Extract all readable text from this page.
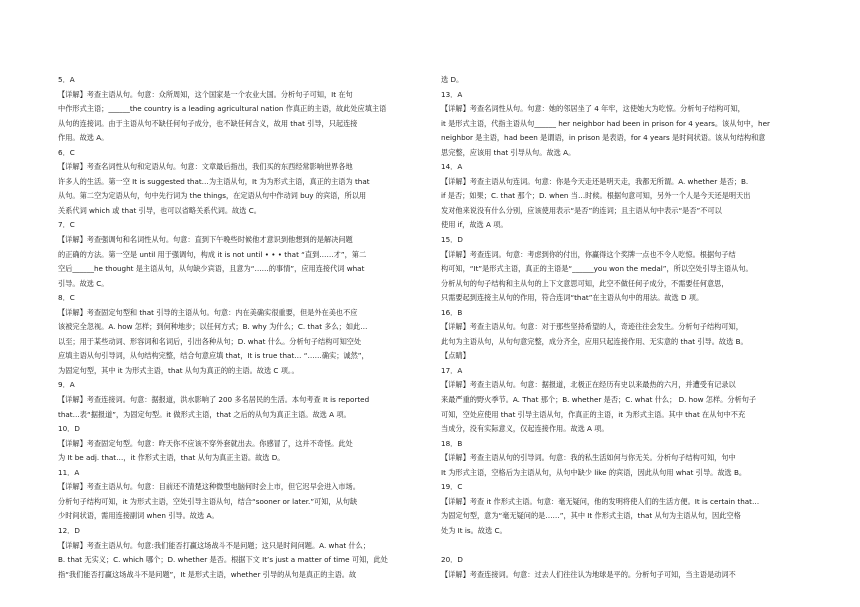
5．A
【详解】考查主语从句。句意：众所周知，这个国家是一个农业大国。分析句子可知，It 在句
中作形式主语；______the country is a leading agricultural nation 作真正的主语，故此处应填主语
从句的连接词。由于主语从句不缺任何句子成分，也不缺任何含义，故用 that 引导，只起连接
作用。故选 A。
6．C
【详解】考查名词性从句和定语从句。句意：文章最后指出，我们买的东西经常影响世界各地
许多人的生活。第一空 It is suggested that…为主语从句，It 为为形式主语，真正的主语为 that
从句。第二空为定语从句，句中先行词为 the things，在定语从句中作动词 buy 的宾语，所以用
关系代词 which 或 that 引导，也可以省略关系代词。故选 C。
7．C
【详解】考查强调句和名词性从句。句意：直到下午晚些时候他才意识到他想到的是解决问题
的正确的方法。第一空是 until 用于强调句，构成 it is not until • • • that “直到……才”，第二
空后______he thought 是主语从句，从句缺少宾语，且意为“……的事情”，应用连接代词 what
引导。故选 C。
8．C
【详解】考查固定句型和 that 引导的主语从句。句意：内在美确实很重要，但是外在美也不应
该被完全忽视。A. how 怎样；到何种地步；以任何方式；B. why 为什么；C. that 多么；如此…
以至；用于某些动词、形容词和名词后，引出各种从句；D. what 什么。分析句子结构可知空处
应填主语从句引导词，从句结构完整，结合句意应填 that，It is true that… “……确实；诚然”，
为固定句型，其中 it 为形式主语，that 从句为真正的的主语。故选 C 项。。
9．A
【详解】考查连接词。句意：据报道，洪水影响了 200 多名居民的生活。本句考查 It is reported
that…表“据报道”，为固定句型。it 做形式主语，that 之后的从句为真正主语。故选 A 项。
10．D
【详解】考查固定句型。句意：昨天你不应该不穿外套就出去。你感冒了，这并不奇怪。此处
为 It be adj. that…，it 作形式主语，that 从句为真正主语。故选 D。
11．A
【详解】考查主语从句。句意：目前还不清楚这种微型电脑何时会上市，但它迟早会进入市场。
分析句子结构可知，it 为形式主语，空处引导主语从句，结合“sooner or later.”可知，从句缺
少时间状语，需用连接副词 when 引导。故选 A。
12．D
【详解】考查主语从句。句意:我们能否打赢这场战斗不是问题；这只是时间问题。A. what 什么；
B. that 无实义；C. which 哪个；D. whether 是否。根据下文 It’s just a matter of time 可知，此处
指“我们能否打赢这场战斗不是问题”，It 是形式主语，whether 引导的从句是真正的主语。故
选 D。
13．A
【详解】考查名词性从句。句意：她的邻居坐了 4 年牢，这使她大为吃惊。分析句子结构可知，
it 是形式主语，代指主语从句______ her neighbor had been in prison for 4 years。该从句中，her
neighbor 是主语，had been 是谓语，in prison 是表语，for 4 years 是时间状语。该从句结构和意
思完整，应该用 that 引导从句。故选 A。
14．A
【详解】考查主语从句连词。句意：你是今天走还是明天走，我都无所谓。A. whether 是否；B.
if 是否；如果；C. that 那个；D. when 当…时候。根据句意可知，另外一个人是今天还是明天出
发对他来说没有什么分别，应该使用表示“是否”的连词；且主语从句中表示“是否”不可以
使用 if，故选 A 项。
15．D
【详解】考查连词。句意：考虑到你的付出，你赢得这个奖牌一点也不令人吃惊。根据句子结
构可知，“It”是形式主语，真正的主语是“______you won the medal”，所以空处引导主语从句。
分析从句的句子结构和主从句的上下文意思可知，此空不做任何子成分，不需要任何意思，
只需要起到连接主从句的作用，符合连词“that”在主语从句中的用法。故选 D 项。
16．B
【详解】考查主语从句。句意：对于那些坚持希望的人，奇迹往往会发生。分析句子结构可知，
此句为主语从句，从句句意完整，成分齐全，应用只起连接作用、无实意的 that 引导。故选 B。
【点睛】
17．A
【详解】考查主语从句。句意：据报道，北极正在经历有史以来最热的六月，并遭受有记录以
来最严重的野火季节。A. That 那个；B. whether 是否；C. what 什么； D. how 怎样。分析句子
可知，空处应使用 that 引导主语从句，作真正的主语，it 为形式主语。其中 that 在从句中不充
当成分，没有实际意义，仅起连接作用。故选 A 项。
18．B
【详解】考查主语从句的引导词。句意：我的私生活如何与你无关。分析句子结构可知，句中
It 为形式主语，空格后为主语从句，从句中缺少 like 的宾语，因此从句用 what 引导。故选 B。
19．C
【详解】考查 it 作形式主语。句意：毫无疑问，他的发明将使人们的生活方便。It is certain that…
为固定句型，意为“毫无疑问的是……”，其中 It 作形式主语，that 从句为主语从句，因此空格
处为 It is。故选 C。
20．D
【详解】考查连接词。句意：过去人们往往认为地球是平的。分析句子可知，当主语是动词不
